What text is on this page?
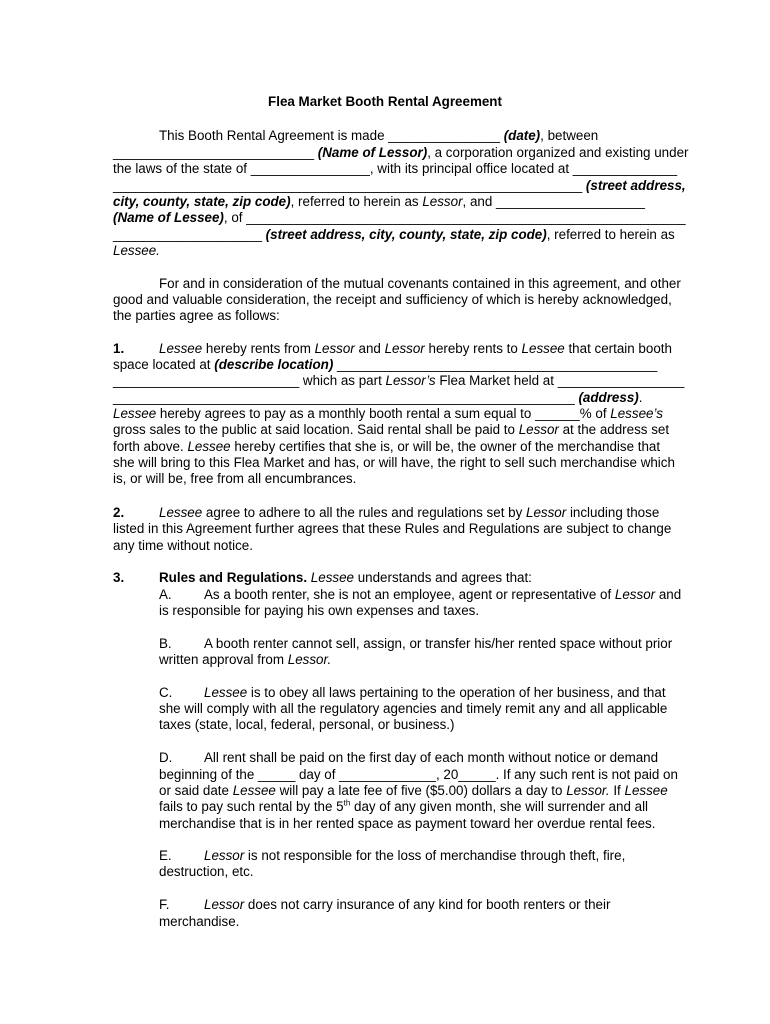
Flea Market Booth Rental Agreement
This Booth Rental Agreement is made _______________ (date), between
___________________________ (Name of Lessor), a corporation organized and existing under
the laws of the state of ________________, with its principal office located at ______________
_______________________________________________________________ (street address,
city, county, state, zip code), referred to herein as Lessor, and ____________________
(Name of Lessee), of ___________________________________________________________
____________________ (street address, city, county, state, zip code), referred to herein as
Lessee.
For and in consideration of the mutual covenants contained in this agreement, and other
good and valuable consideration, the receipt and sufficiency of which is hereby acknowledged,
the parties agree as follows:
1.	Lessee hereby rents from Lessor and Lessor hereby rents to Lessee that certain booth
space located at (describe location) ___________________________________________
_________________________ which as part Lessor’s Flea Market held at _________________
______________________________________________________________ (address).
Lessee hereby agrees to pay as a monthly booth rental a sum equal to ______% of Lessee’s
gross sales to the public at said location. Said rental shall be paid to Lessor at the address set
forth above. Lessee hereby certifies that she is, or will be, the owner of the merchandise that
she will bring to this Flea Market and has, or will have, the right to sell such merchandise which
is, or will be, free from all encumbrances.
2.	Lessee agree to adhere to all the rules and regulations set by Lessor including those
listed in this Agreement further agrees that these Rules and Regulations are subject to change
any time without notice.
3.	Rules and Regulations. Lessee understands and agrees that:
A. As a booth renter, she is not an employee, agent or representative of Lessor and
is responsible for paying his own expenses and taxes.
B. A booth renter cannot sell, assign, or transfer his/her rented space without prior
written approval from Lessor.
C. Lessee is to obey all laws pertaining to the operation of her business, and that
she will comply with all the regulatory agencies and timely remit any and all applicable
taxes (state, local, federal, personal, or business.)
D. All rent shall be paid on the first day of each month without notice or demand
beginning of the _____ day of _____________, 20_____. If any such rent is not paid on
or said date Lessee will pay a late fee of five ($5.00) dollars a day to Lessor. If Lessee
fails to pay such rental by the 5th day of any given month, she will surrender and all
merchandise that is in her rented space as payment toward her overdue rental fees.
E. Lessor is not responsible for the loss of merchandise through theft, fire,
destruction, etc.
F.	Lessor does not carry insurance of any kind for booth renters or their
merchandise.
